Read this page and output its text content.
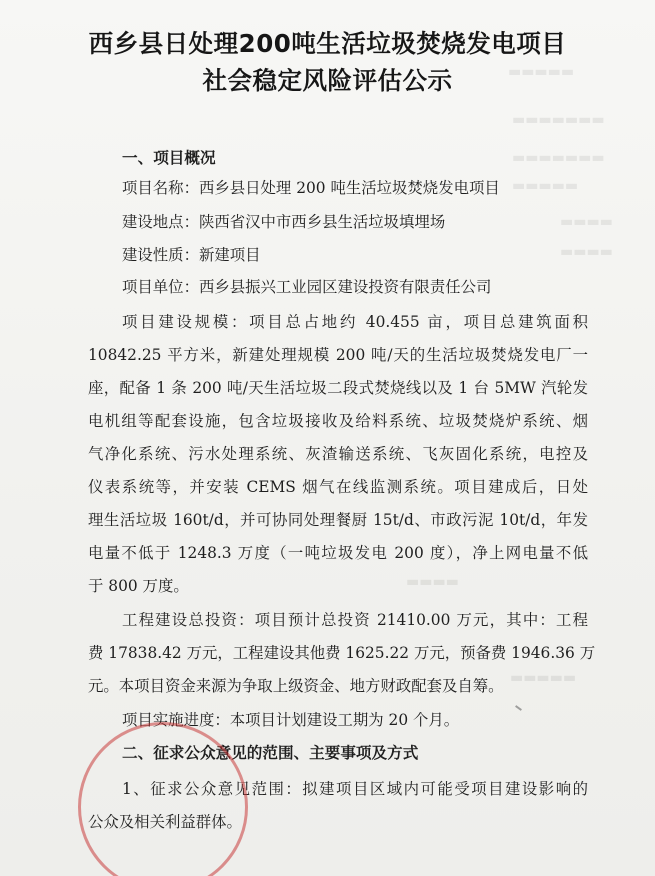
▬▬▬▬▬
▬▬▬▬▬▬▬
▬▬▬▬▬▬▬
▬▬▬▬▬
▬▬▬▬
▬▬▬▬
▬▬▬▬
▬▬▬▬▬
西乡县日处理200吨生活垃圾焚烧发电项目
社会稳定风险评估公示
一、项目概况
项目名称：西乡县日处理 200 吨生活垃圾焚烧发电项目
建设地点：陕西省汉中市西乡县生活垃圾填埋场
建设性质：新建项目
项目单位：西乡县振兴工业园区建设投资有限责任公司
项目建设规模：项目总占地约 40.455 亩，项目总建筑面积
10842.25 平方米，新建处理规模 200 吨/天的生活垃圾焚烧发电厂一
座，配备 1 条 200 吨/天生活垃圾二段式焚烧线以及 1 台 5MW 汽轮发
电机组等配套设施，包含垃圾接收及给料系统、垃圾焚烧炉系统、烟
气净化系统、污水处理系统、灰渣输送系统、飞灰固化系统，电控及
仪表系统等，并安装 CEMS 烟气在线监测系统。项目建成后，日处
理生活垃圾 160t/d，并可协同处理餐厨 15t/d、市政污泥 10t/d，年发
电量不低于 1248.3 万度（一吨垃圾发电 200 度），净上网电量不低
于 800 万度。
工程建设总投资：项目预计总投资 21410.00 万元，其中：工程
费 17838.42 万元，工程建设其他费 1625.22 万元，预备费 1946.36 万
元。本项目资金来源为争取上级资金、地方财政配套及自筹。
项目实施进度：本项目计划建设工期为 20 个月。
二、征求公众意见的范围、主要事项及方式
1、征求公众意见范围：拟建项目区域内可能受项目建设影响的
公众及相关利益群体。
